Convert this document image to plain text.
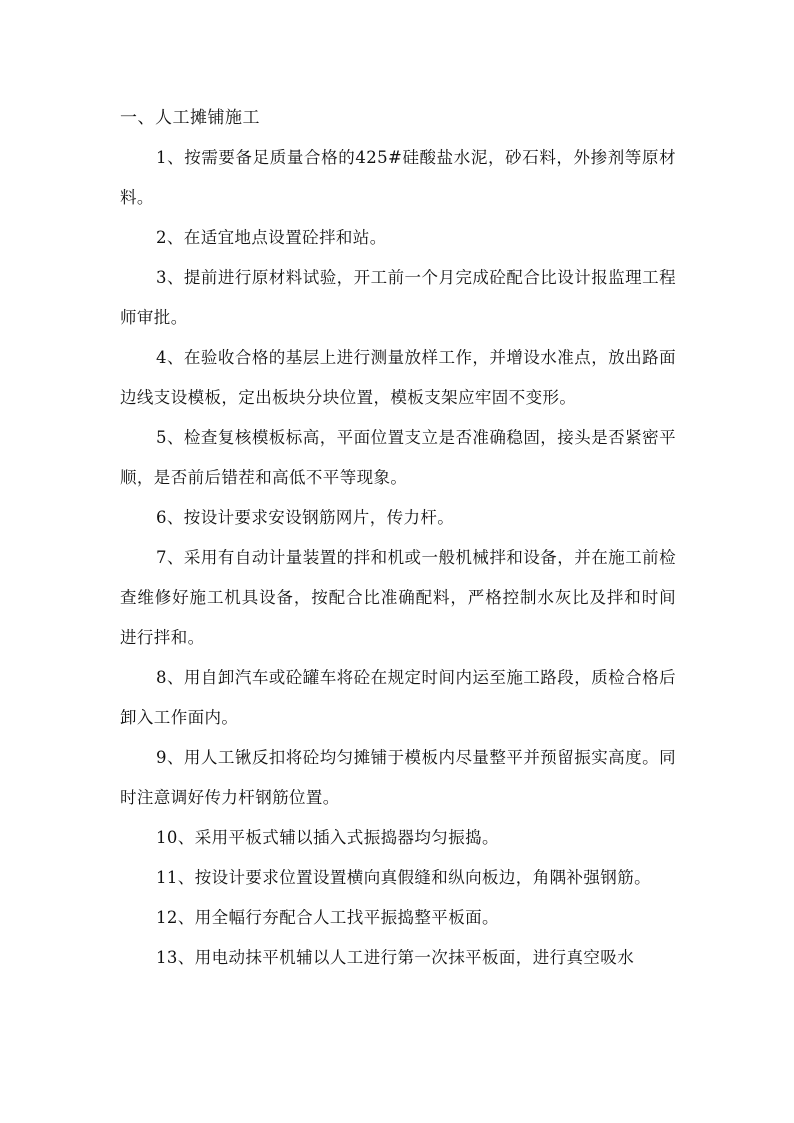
一、人工摊铺施工

1、按需要备足质量合格的425#硅酸盐水泥，砂石料，外掺剂等原材料。

2、在适宜地点设置砼拌和站。

3、提前进行原材料试验，开工前一个月完成砼配合比设计报监理工程师审批。

4、在验收合格的基层上进行测量放样工作，并增设水准点，放出路面边线支设模板，定出板块分块位置，模板支架应牢固不变形。

5、检查复核模板标高，平面位置支立是否准确稳固，接头是否紧密平顺，是否前后错茬和高低不平等现象。

6、按设计要求安设钢筋网片，传力杆。

7、采用有自动计量装置的拌和机或一般机械拌和设备，并在施工前检查维修好施工机具设备，按配合比准确配料，严格控制水灰比及拌和时间进行拌和。

8、用自卸汽车或砼罐车将砼在规定时间内运至施工路段，质检合格后卸入工作面内。

9、用人工锹反扣将砼均匀摊铺于模板内尽量整平并预留振实高度。同时注意调好传力杆钢筋位置。

10、采用平板式辅以插入式振捣器均匀振捣。

11、按设计要求位置设置横向真假缝和纵向板边，角隅补强钢筋。

12、用全幅行夯配合人工找平振捣整平板面。

13、用电动抹平机辅以人工进行第一次抹平板面，进行真空吸水
